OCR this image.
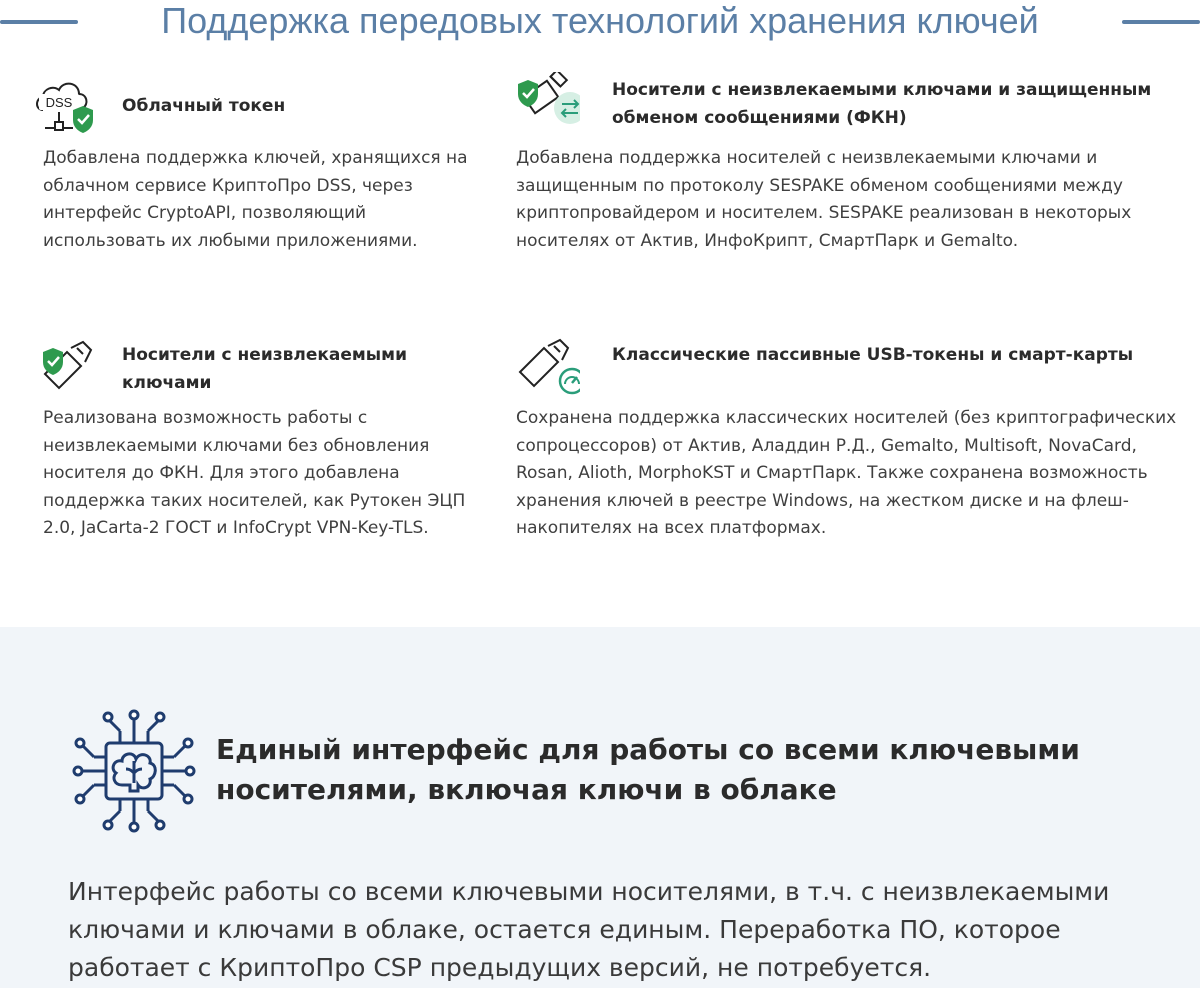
Поддержка передовых технологий хранения ключей
DSS	Облачный токен

Добавлена поддержка ключей, хранящихся на облачном сервисе КриптоПро DSS, через интерфейс CryptoAPI, позволяющий использовать их любыми приложениями.

Носители с неизвлекаемыми ключами и защищенным обменом сообщениями (ФКН)

Добавлена поддержка носителей с неизвлекаемыми ключами и защищенным по протоколу SESPAKE обменом сообщениями между криптопровайдером и носителем. SESPAKE реализован в некоторых носителях от Актив, ИнфоКрипт, СмартПарк и Gemalto.

Носители с неизвлекаемыми ключами

Реализована возможность работы с неизвлекаемыми ключами без обновления носителя до ФКН. Для этого добавлена поддержка таких носителей, как Рутокен ЭЦП 2.0, JaCarta-2 ГОСТ и InfoCrypt VPN-Key-TLS.

Классические пассивные USB-токены и смарт-карты

Сохранена поддержка классических носителей (без криптографических сопроцессоров) от Актив, Аладдин Р.Д., Gemalto, Multisoft, NovaCard, Rosan, Alioth, MorphoKST и СмартПарк. Также сохранена возможность хранения ключей в реестре Windows, на жестком диске и на флеш-накопителях на всех платформах.

Единый интерфейс для работы со всеми ключевыми носителями, включая ключи в облаке

Интерфейс работы со всеми ключевыми носителями, в т.ч. с неизвлекаемыми ключами и ключами в облаке, остается единым. Переработка ПО, которое работает с КриптоПро CSP предыдущих версий, не потребуется.
